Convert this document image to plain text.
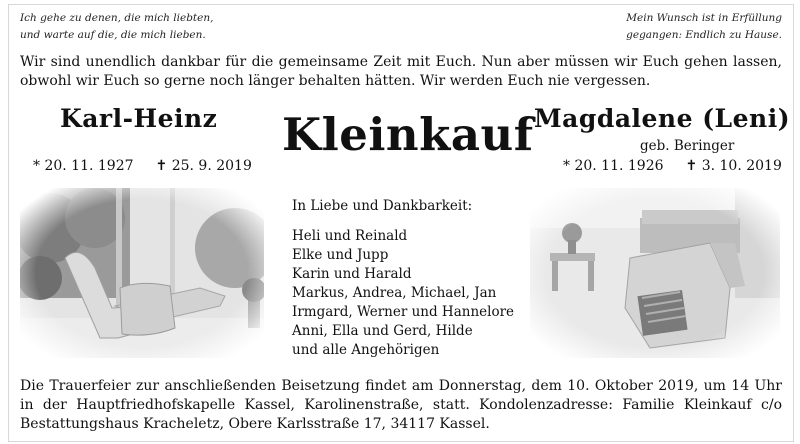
Ich gehe zu denen, die mich liebten,
und warte auf die, die mich lieben.
Mein Wunsch ist in Erfüllung
gegangen: Endlich zu Hause.
Wir sind unendlich dankbar für die gemeinsame Zeit mit Euch. Nun aber müssen wir Euch gehen lassen, obwohl wir Euch so gerne noch länger behalten hätten. Wir werden Euch nie vergessen.
Karl-Heinz Kleinkauf Magdalene (Leni)
geb. Beringer
* 20. 11. 1927 ✝ 25. 9. 2019	* 20. 11. 1926 ✝ 3. 10. 2019
In Liebe und Dankbarkeit:
Heli und Reinald
Elke und Jupp
Karin und Harald
Markus, Andrea, Michael, Jan
Irmgard, Werner und Hannelore
Anni, Ella und Gerd, Hilde
und alle Angehörigen
Die Trauerfeier zur anschließenden Beisetzung findet am Donnerstag, dem 10. Oktober 2019, um 14 Uhr in der Hauptfriedhofskapelle Kassel, Karolinenstraße, statt. Kondolenzadresse: Familie Kleinkauf c/o Bestattungshaus Kracheletz, Obere Karlsstraße 17, 34117 Kassel.
